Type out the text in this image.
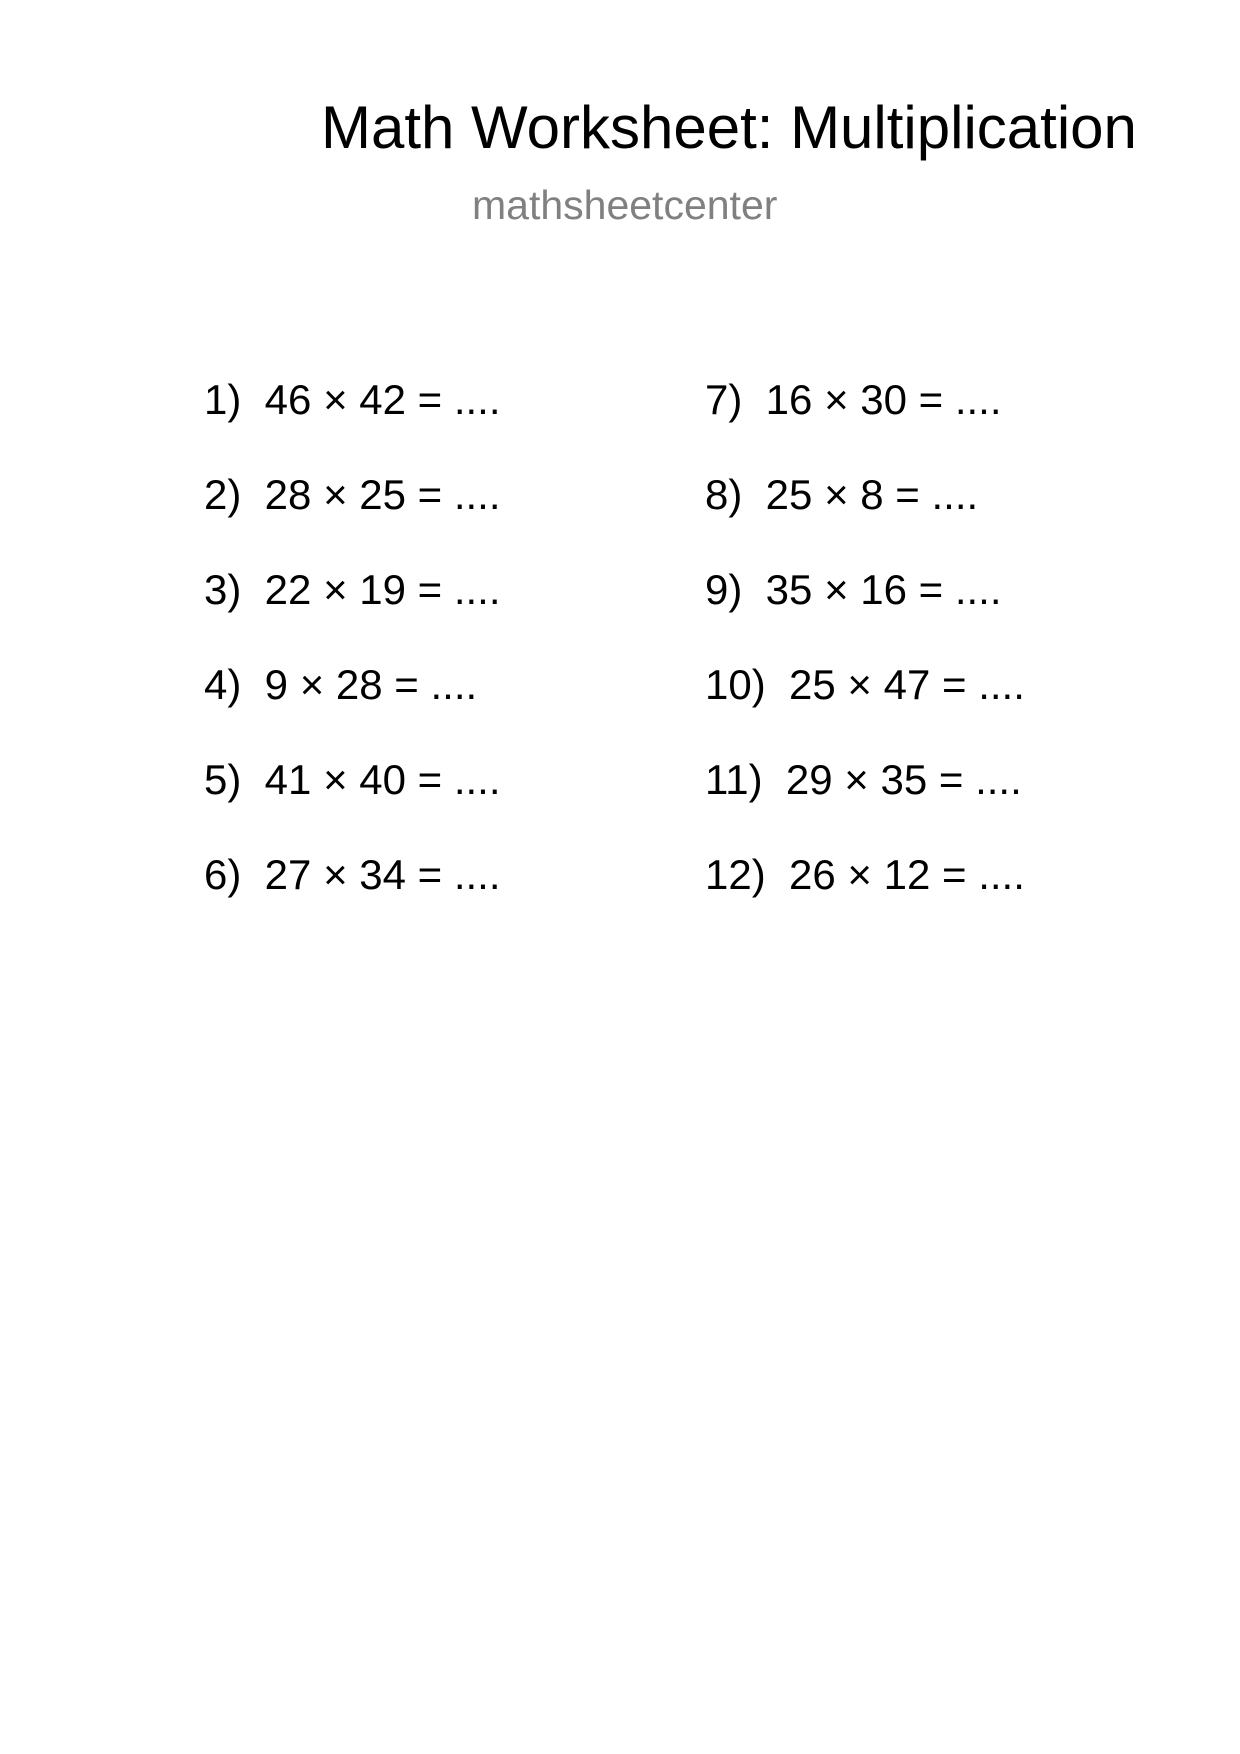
Math Worksheet: Multiplication
mathsheetcenter
1)  46 × 42 = ....
2)  28 × 25 = ....
3)  22 × 19 = ....
4)  9 × 28 = ....
5)  41 × 40 = ....
6)  27 × 34 = ....
7)  16 × 30 = ....
8)  25 × 8 = ....
9)  35 × 16 = ....
10)  25 × 47 = ....
11)  29 × 35 = ....
12)  26 × 12 = ....
